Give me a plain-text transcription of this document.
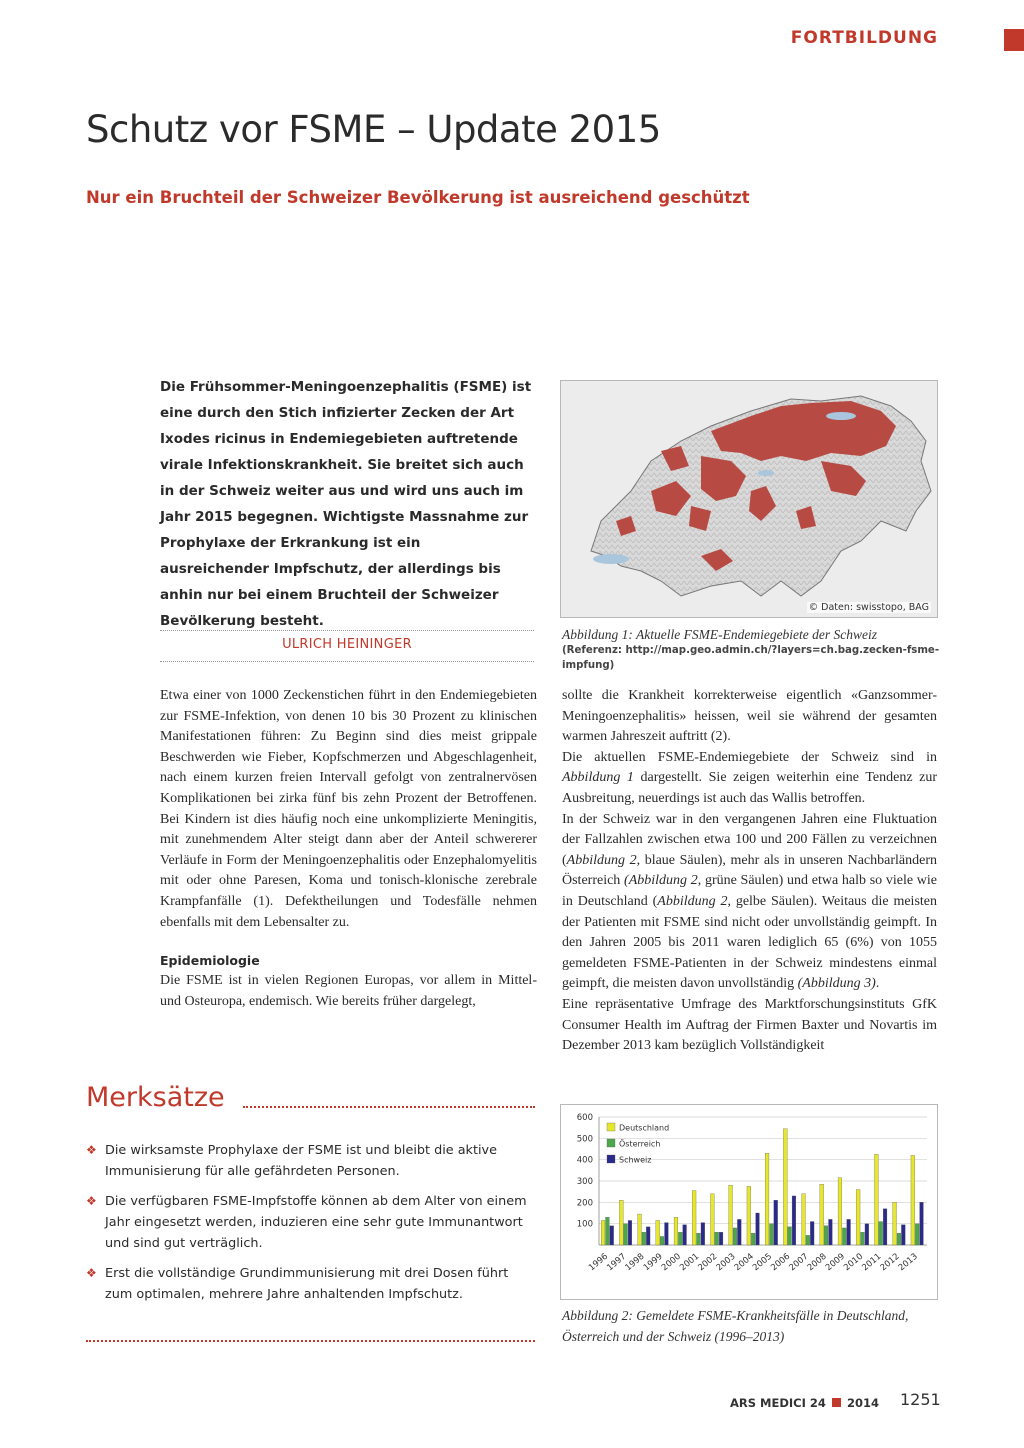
FORTBILDUNG
Schutz vor FSME – Update 2015
Nur ein Bruchteil der Schweizer Bevölkerung ist ausreichend geschützt

Die Frühsommer-Meningoenzephalitis (FSME) ist eine durch den Stich infizierter Zecken der Art Ixodes ricinus in Endemiegebieten auftretende virale Infektionskrankheit. Sie breitet sich auch in der Schweiz weiter aus und wird uns auch im Jahr 2015 begegnen. Wichtigste Massnahme zur Prophylaxe der Erkrankung ist ein ausreichender Impfschutz, der allerdings bis anhin nur bei einem Bruchteil der Schweizer Bevölkerung besteht.

ULRICH HEININGER
© Daten: swisstopo, BAG
Abbildung 1: Aktuelle FSME-Endemiegebiete der Schweiz
(Referenz: http://map.geo.admin.ch/?layers=ch.bag.zecken-fsme-impfung)

Etwa einer von 1000 Zeckenstichen führt in den Endemiegebieten zur FSME-Infektion, von denen 10 bis 30 Prozent zu klinischen Manifestationen führen: Zu Beginn sind dies meist grippale Beschwerden wie Fieber, Kopfschmerzen und Abgeschlagenheit, nach einem kurzen freien Intervall gefolgt von zentralnervösen Komplikationen bei zirka fünf bis zehn Prozent der Betroffenen. Bei Kindern ist dies häufig noch eine unkomplizierte Meningitis, mit zunehmendem Alter steigt dann aber der Anteil schwererer Verläufe in Form der Meningoenzephalitis oder Enzephalomyelitis mit oder ohne Paresen, Koma und tonisch-klonische zerebrale Krampfanfälle (1). Defektheilungen und Todesfälle nehmen ebenfalls mit dem Lebensalter zu.

Epidemiologie

Die FSME ist in vielen Regionen Europas, vor allem in Mittel- und Osteuropa, endemisch. Wie bereits früher dargelegt,

sollte die Krankheit korrekterweise eigentlich «Ganzsommer-Meningoenzephalitis» heissen, weil sie während der gesamten warmen Jahreszeit auftritt (2).

Die aktuellen FSME-Endemiegebiete der Schweiz sind in Abbildung 1 dargestellt. Sie zeigen weiterhin eine Tendenz zur Ausbreitung, neuerdings ist auch das Wallis betroffen.

In der Schweiz war in den vergangenen Jahren eine Fluktuation der Fallzahlen zwischen etwa 100 und 200 Fällen zu verzeichnen (Abbildung 2, blaue Säulen), mehr als in unseren Nachbarländern Österreich (Abbildung 2, grüne Säulen) und etwa halb so viele wie in Deutschland (Abbildung 2, gelbe Säulen). Weitaus die meisten der Patienten mit FSME sind nicht oder unvollständig geimpft. In den Jahren 2005 bis 2011 waren lediglich 65 (6%) von 1055 gemeldeten FSME-Patienten in der Schweiz mindestens einmal geimpft, die meisten davon unvollständig (Abbildung 3).

Eine repräsentative Umfrage des Marktforschungsinstituts GfK Consumer Health im Auftrag der Firmen Baxter und Novartis im Dezember 2013 kam bezüglich Vollständigkeit

Merksätze
❖ Die wirksamste Prophylaxe der FSME ist und bleibt die aktive Immunisierung für alle gefährdeten Personen.
❖ Die verfügbaren FSME-Impfstoffe können ab dem Alter von einem Jahr eingesetzt werden, induzieren eine sehr gute Immunantwort und sind gut verträglich.
❖ Erst die vollständige Grundimmunisierung mit drei Dosen führt zum optimalen, mehrere Jahre anhaltenden Impfschutz.
600
500
400
300
200
100
1996
1997
1998
1999
2000
2001
2002
2003
2004
2005
2006
2007
2008
2009
2010
2011
2012
2013
Deutschland
Österreich
Schweiz
Abbildung 2: Gemeldete FSME-Krankheitsfälle in Deutschland, Österreich und der Schweiz (1996–2013)
ARS MEDICI 24 2014 1251
